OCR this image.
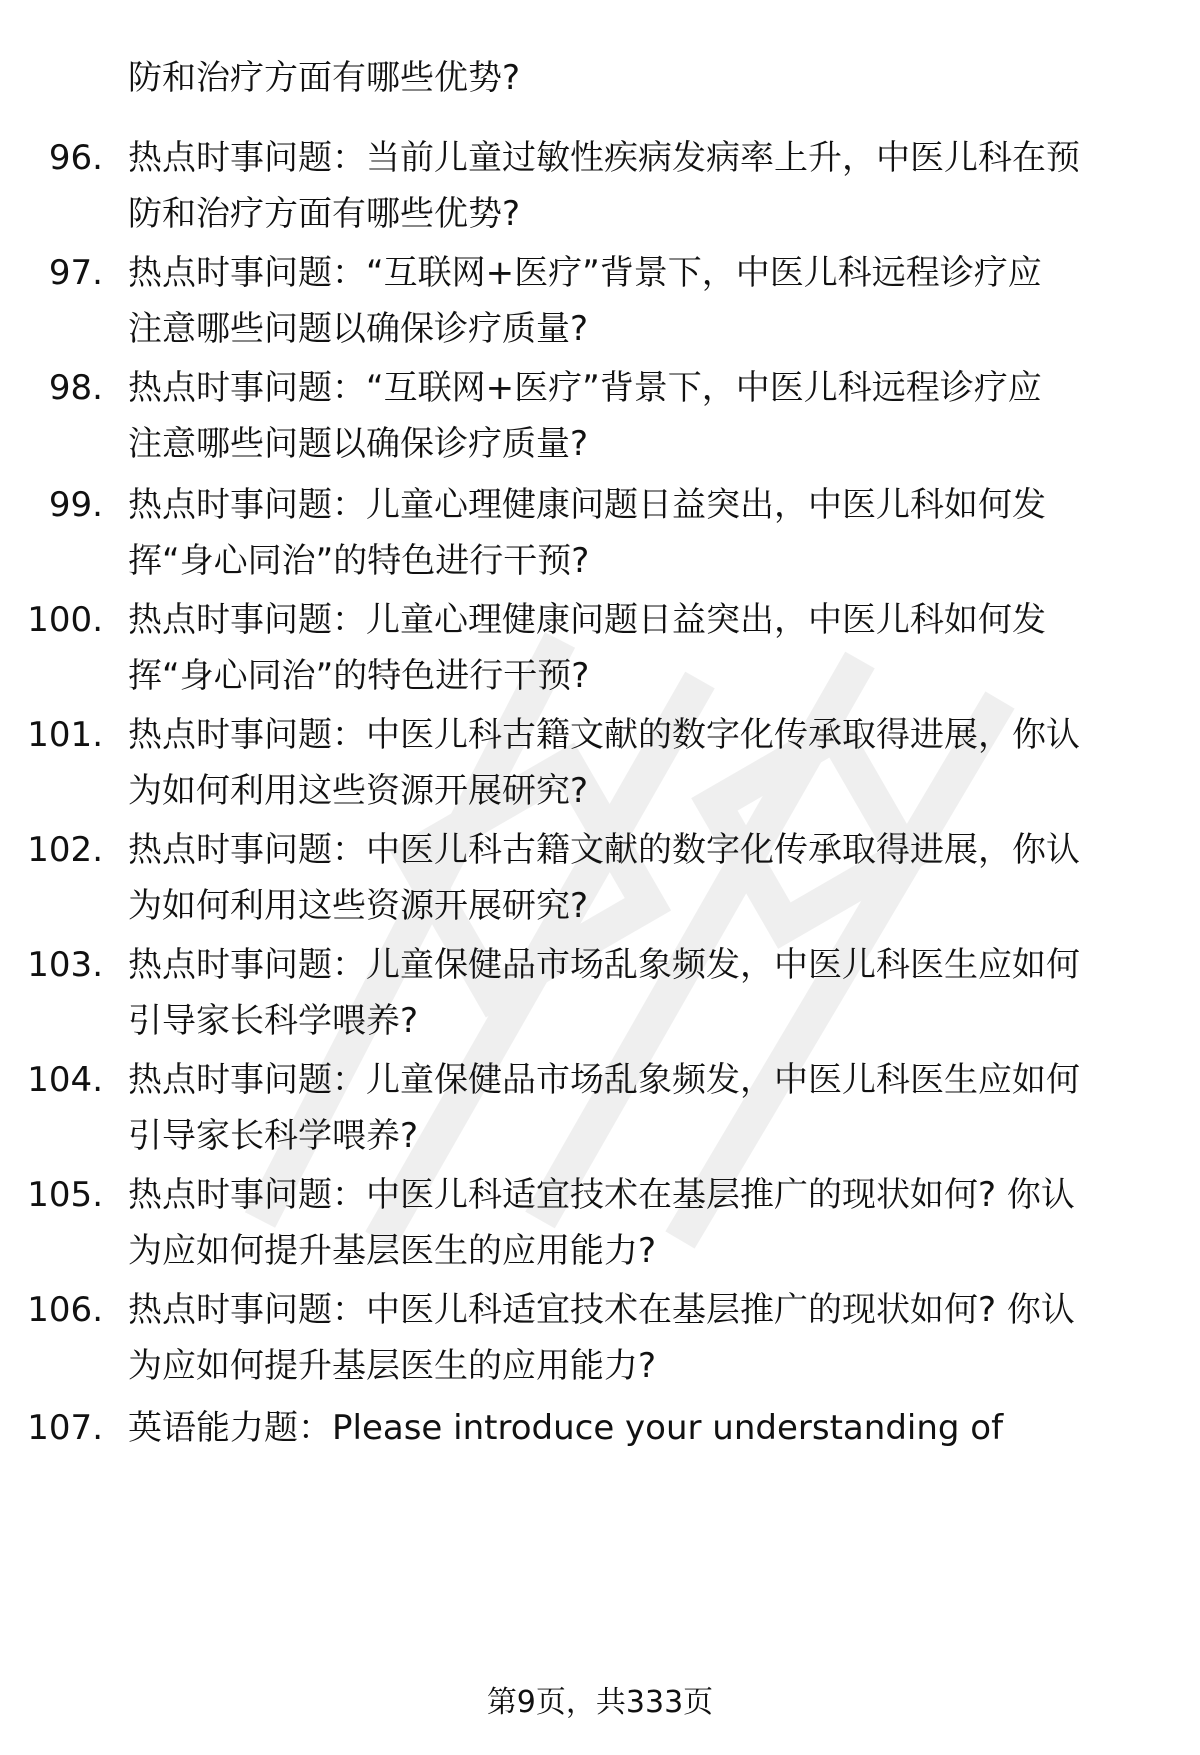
防和治疗方面有哪些优势?
96. 热点时事问题：当前儿童过敏性疾病发病率上升，中医儿科在预
防和治疗方面有哪些优势?
97. 热点时事问题：“互联网+医疗”背景下，中医儿科远程诊疗应
注意哪些问题以确保诊疗质量?
98. 热点时事问题：“互联网+医疗”背景下，中医儿科远程诊疗应
注意哪些问题以确保诊疗质量?
99. 热点时事问题：儿童心理健康问题日益突出，中医儿科如何发
挥“身心同治”的特色进行干预?
100. 热点时事问题：儿童心理健康问题日益突出，中医儿科如何发
挥“身心同治”的特色进行干预?
101. 热点时事问题：中医儿科古籍文献的数字化传承取得进展，你认
为如何利用这些资源开展研究?
102. 热点时事问题：中医儿科古籍文献的数字化传承取得进展，你认
为如何利用这些资源开展研究?
103. 热点时事问题：儿童保健品市场乱象频发，中医儿科医生应如何
引导家长科学喂养?
104. 热点时事问题：儿童保健品市场乱象频发，中医儿科医生应如何
引导家长科学喂养?
105. 热点时事问题：中医儿科适宜技术在基层推广的现状如何? 你认
为应如何提升基层医生的应用能力?
106. 热点时事问题：中医儿科适宜技术在基层推广的现状如何? 你认
为应如何提升基层医生的应用能力?
107. 英语能力题：Please introduce your understanding of
第9页，共333页
